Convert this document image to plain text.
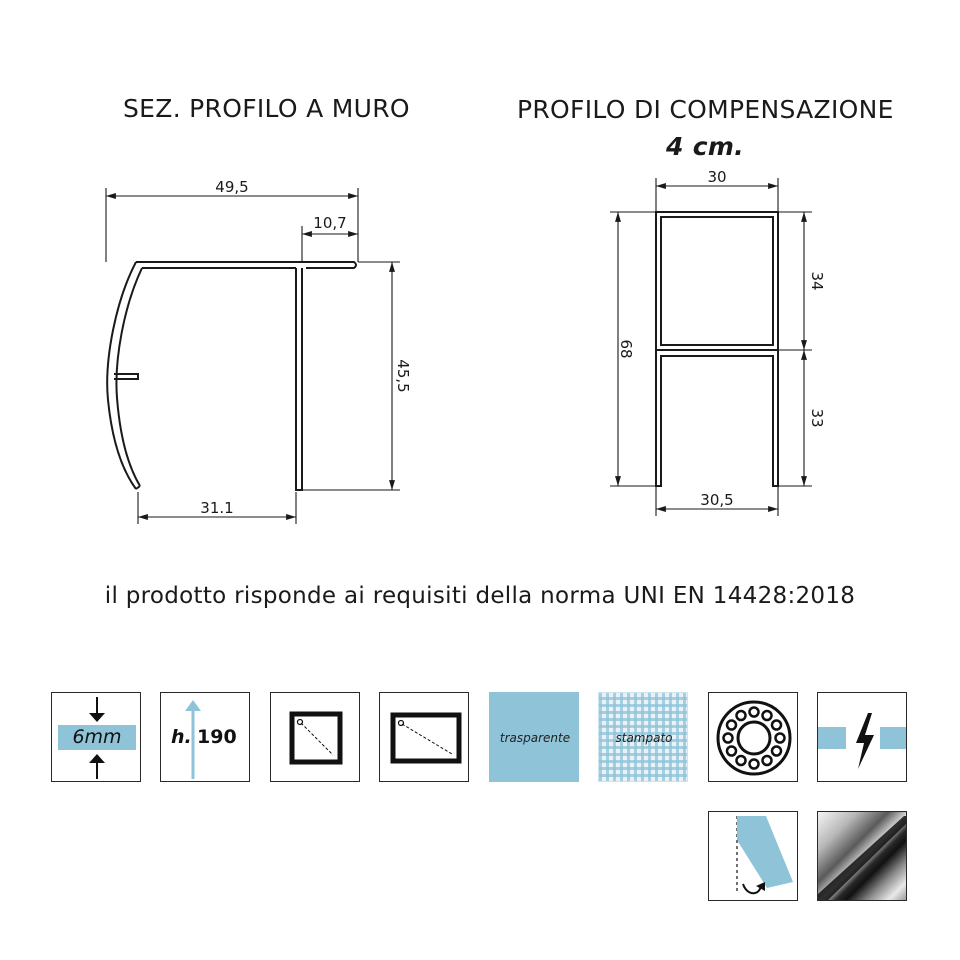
SEZ. PROFILO A MURO	PROFILO DI COMPENSAZIONE
4 cm.
49,5
10,7
45,5
31.1
30
34
68
33
30,5
il prodotto risponde ai requisiti della norma UNI EN 14428:2018
6mm	h. 190	trasparente	stampato
